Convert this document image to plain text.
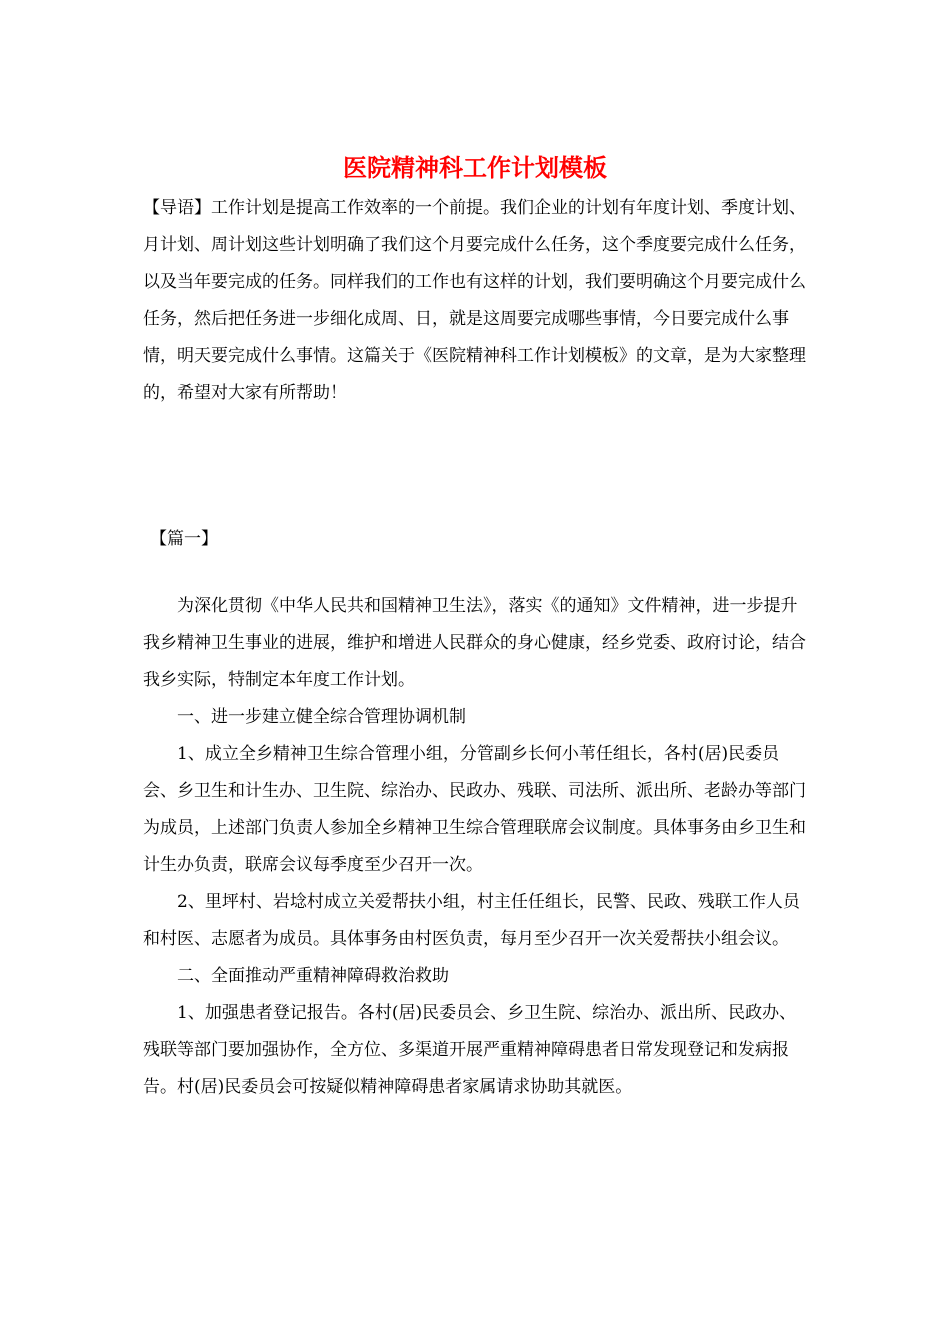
医院精神科工作计划模板

【导语】工作计划是提高工作效率的一个前提。我们企业的计划有年度计划、季度计划、月计划、周计划这些计划明确了我们这个月要完成什么任务，这个季度要完成什么任务，以及当年要完成的任务。同样我们的工作也有这样的计划，我们要明确这个月要完成什么任务，然后把任务进一步细化成周、日，就是这周要完成哪些事情，今日要完成什么事情，明天要完成什么事情。这篇关于《医院精神科工作计划模板》的文章，是为大家整理的，希望对大家有所帮助！

【篇一】

为深化贯彻《中华人民共和国精神卫生法》，落实《的通知》文件精神，进一步提升我乡精神卫生事业的进展，维护和增进人民群众的身心健康，经乡党委、政府讨论，结合我乡实际，特制定本年度工作计划。

一、进一步建立健全综合管理协调机制

1、成立全乡精神卫生综合管理小组，分管副乡长何小苇任组长，各村(居)民委员会、乡卫生和计生办、卫生院、综治办、民政办、残联、司法所、派出所、老龄办等部门为成员，上述部门负责人参加全乡精神卫生综合管理联席会议制度。具体事务由乡卫生和计生办负责，联席会议每季度至少召开一次。

2、里坪村、岩埝村成立关爱帮扶小组，村主任任组长，民警、民政、残联工作人员和村医、志愿者为成员。具体事务由村医负责，每月至少召开一次关爱帮扶小组会议。

二、全面推动严重精神障碍救治救助

1、加强患者登记报告。各村(居)民委员会、乡卫生院、综治办、派出所、民政办、残联等部门要加强协作，全方位、多渠道开展严重精神障碍患者日常发现登记和发病报告。村(居)民委员会可按疑似精神障碍患者家属请求协助其就医。
